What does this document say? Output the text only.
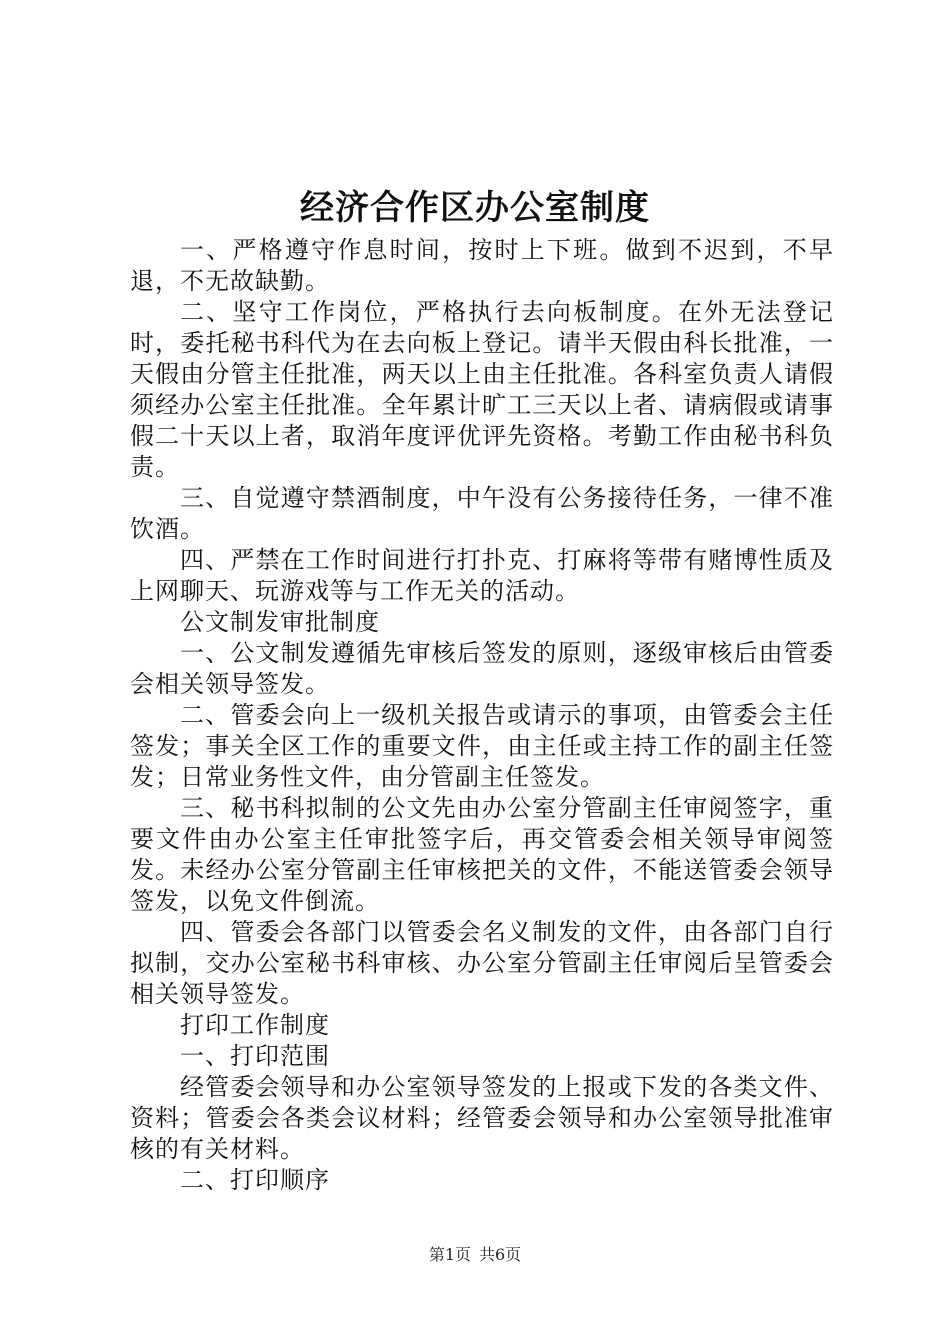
经济合作区办公室制度

一、严格遵守作息时间，按时上下班。做到不迟到，不早退，不无故缺勤。

二、坚守工作岗位，严格执行去向板制度。在外无法登记时，委托秘书科代为在去向板上登记。请半天假由科长批准，一天假由分管主任批准，两天以上由主任批准。各科室负责人请假须经办公室主任批准。全年累计旷工三天以上者、请病假或请事假二十天以上者，取消年度评优评先资格。考勤工作由秘书科负责。

三、自觉遵守禁酒制度，中午没有公务接待任务，一律不准饮酒。

四、严禁在工作时间进行打扑克、打麻将等带有赌博性质及上网聊天、玩游戏等与工作无关的活动。

公文制发审批制度

一、公文制发遵循先审核后签发的原则，逐级审核后由管委会相关领导签发。

二、管委会向上一级机关报告或请示的事项，由管委会主任签发；事关全区工作的重要文件，由主任或主持工作的副主任签发；日常业务性文件，由分管副主任签发。

三、秘书科拟制的公文先由办公室分管副主任审阅签字，重要文件由办公室主任审批签字后，再交管委会相关领导审阅签发。未经办公室分管副主任审核把关的文件，不能送管委会领导签发，以免文件倒流。

四、管委会各部门以管委会名义制发的文件，由各部门自行拟制，交办公室秘书科审核、办公室分管副主任审阅后呈管委会相关领导签发。

打印工作制度

一、打印范围

经管委会领导和办公室领导签发的上报或下发的各类文件、资料；管委会各类会议材料；经管委会领导和办公室领导批准审核的有关材料。

二、打印顺序

第1页 共6页
